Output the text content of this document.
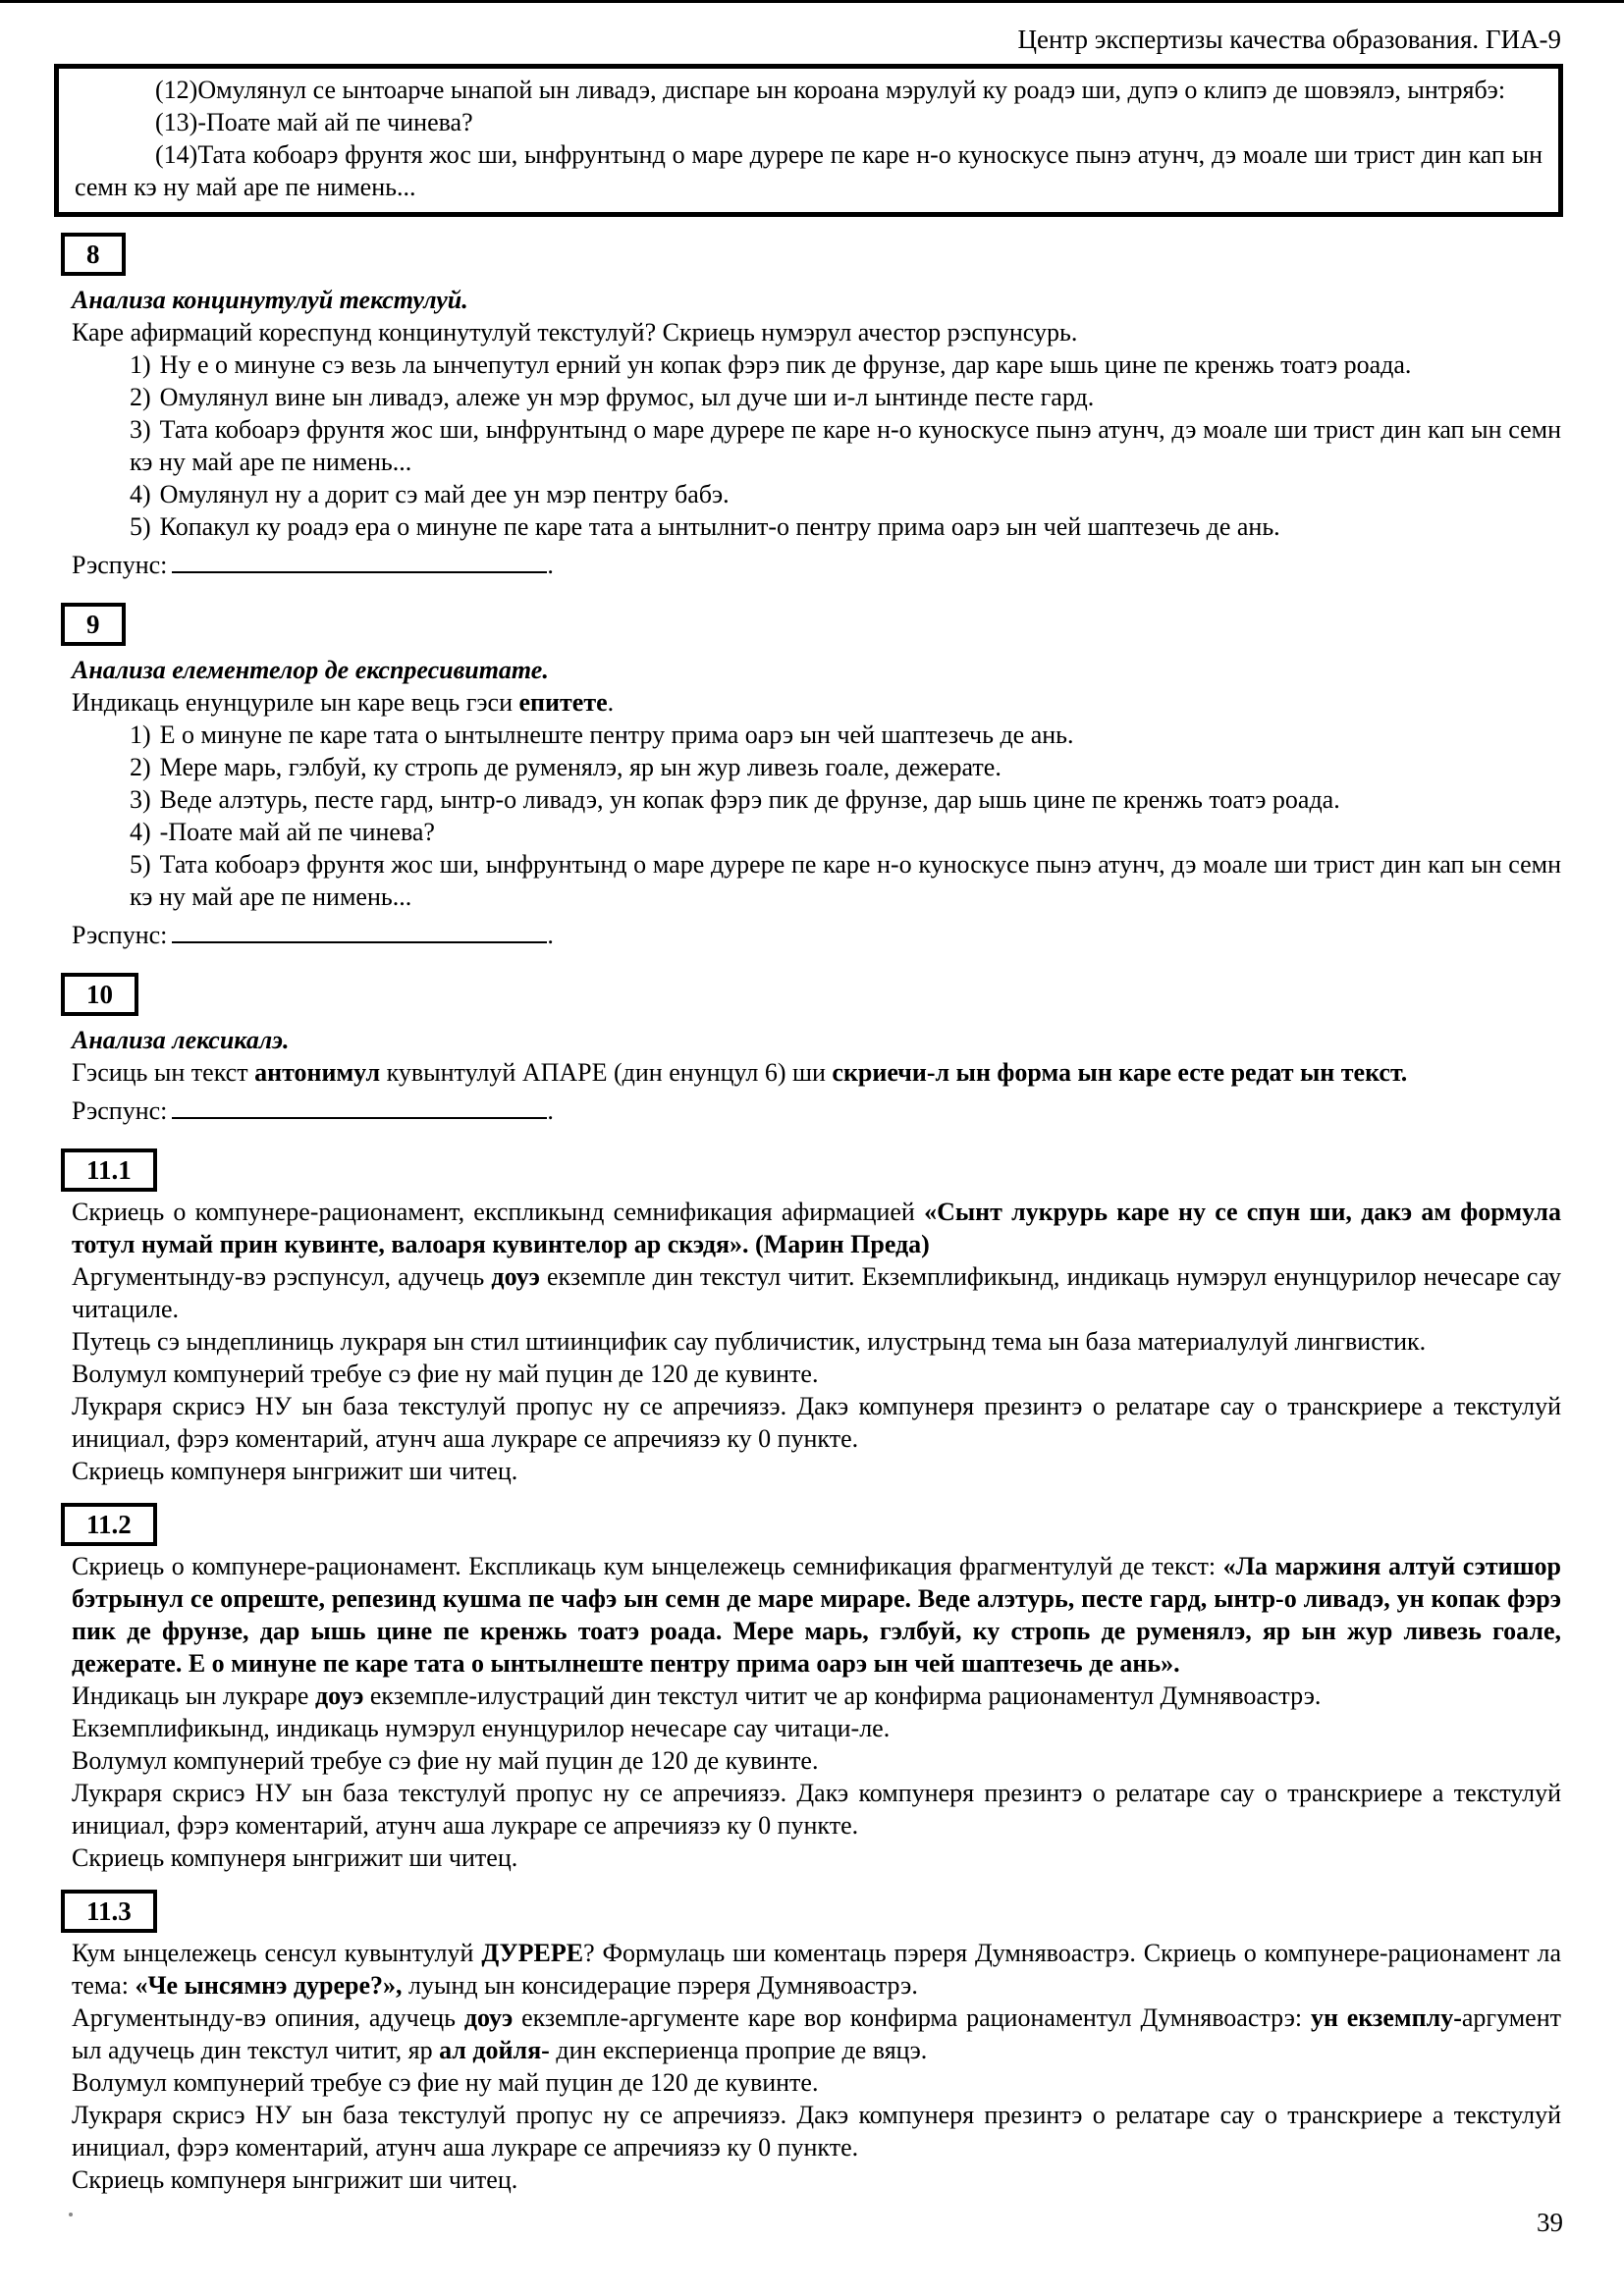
Центр экспертизы качества образования. ГИА-9

(12)Омулянул се ынтоарче ынапой ын ливадэ, диспаре ын короана мэрулуй ку роадэ ши, дупэ о клипэ де шовэялэ, ынтрябэ:

(13)-Поате май ай пе чинева?

(14)Тата кобоарэ фрунтя жос ши, ынфрунтынд о маре дурере пе каре н-о куноскусе пынэ атунч, дэ моале ши трист дин кап ын семн кэ ну май аре пе нимень...

8

Анализа концинутулуй текстулуй.

Каре афирмаций кореспунд концинутулуй текстулуй? Скриець нумэрул ачестор рэспунсурь.

1) Ну е о минуне сэ везь ла ынчепутул ерний ун копак фэрэ пик де фрунзе, дар каре ышь цине пе кренжь тоатэ роада.

2) Омулянул вине ын ливадэ, алеже ун мэр фрумос, ыл дуче ши и-л ынтинде песте гард.

3) Тата кобоарэ фрунтя жос ши, ынфрунтынд о маре дурере пе каре н-о куноскусе пынэ атунч, дэ моале ши трист дин кап ын семн кэ ну май аре пе нимень...

4) Омулянул ну а дорит сэ май дее ун мэр пентру бабэ.

5) Копакул ку роадэ ера о минуне пе каре тата а ынтылнит-о пентру прима оарэ ын чей шаптезечь де ань.

Рэспунс:	.

9

Анализа елементелор де експресивитате.

Индикаць енунцуриле ын каре вець гэси епитете.

1) Е о минуне пе каре тата о ынтылнеште пентру прима оарэ ын чей шаптезечь де ань.

2) Мере марь, гэлбуй, ку стропь де руменялэ, яр ын жур ливезь гоале, дежерате.

3) Веде алэтурь, песте гард, ынтр-о ливадэ, ун копак фэрэ пик де фрунзе, дар ышь цине пе кренжь тоатэ роада.

4) -Поате май ай пе чинева?

5) Тата кобоарэ фрунтя жос ши, ынфрунтынд о маре дурере пе каре н-о куноскусе пынэ атунч, дэ моале ши трист дин кап ын семн кэ ну май аре пе нимень...

Рэспунс:	.

10

Анализа лексикалэ.

Гэсиць ын текст антонимул кувынтулуй АПАРЕ (дин енунцул 6) ши скриечи-л ын форма ын каре есте редат ын текст.

Рэспунс:	.

11.1

Скриець о компунере-рационамент, експликынд семнификация афирмацией «Сынт лукрурь каре ну се спун ши, дакэ ам формула тотул нумай прин кувинте, валоаря кувинтелор ар скэдя». (Марин Преда)

Аргументынду-вэ рэспунсул, адучець доуэ екземпле дин текстул читит. Екземплификынд, индикаць нумэрул енунцурилор нечесаре сау читациле.

Путець сэ ындеплиниць лукраря ын стил штиинцифик сау публичистик, илустрынд тема ын база материалулуй лингвистик.

Волумул компунерий требуе сэ фие ну май пуцин де 120 де кувинте.

Лукраря скрисэ НУ ын база текстулуй пропус ну се апречиязэ. Дакэ компунеря презинтэ о релатаре сау о транскриере а текстулуй инициал, фэрэ коментарий, атунч аша лукраре се апречиязэ ку 0 пункте.

Скриець компунеря ынгрижит ши читец.

11.2

Скриець о компунере-рационамент. Експликаць кум ынцележець семнификация фрагментулуй де текст: «Ла маржиня алтуй сэтишор бэтрынул се опреште, репезинд кушма пе чафэ ын семн де маре мираре. Веде алэтурь, песте гард, ынтр-о ливадэ, ун копак фэрэ пик де фрунзе, дар ышь цине пе кренжь тоатэ роада. Мере марь, гэлбуй, ку стропь де руменялэ, яр ын жур ливезь гоале, дежерате. Е о минуне пе каре тата о ынтылнеште пентру прима оарэ ын чей шаптезечь де ань».

Индикаць ын лукраре доуэ екземпле-илустраций дин текстул читит че ар конфирма рационаментул Думнявоастрэ.

Екземплификынд, индикаць нумэрул енунцурилор нечесаре сау читаци-ле.

Волумул компунерий требуе сэ фие ну май пуцин де 120 де кувинте.

Лукраря скрисэ НУ ын база текстулуй пропус ну се апречиязэ. Дакэ компунеря презинтэ о релатаре сау о транскриере а текстулуй инициал, фэрэ коментарий, атунч аша лукраре се апречиязэ ку 0 пункте.

Скриець компунеря ынгрижит ши читец.

11.3

Кум ынцележець сенсул кувынтулуй ДУРЕРЕ? Формулаць ши коментаць пэреря Думнявоастрэ. Скриець о компунере-рационамент ла тема: «Че ынсямнэ дурере?», луынд ын консидерацие пэреря Думнявоастрэ.

Аргументынду-вэ опиния, адучець доуэ екземпле-аргументе каре вор конфирма рационаментул Думнявоастрэ: ун екземплу-аргумент ыл адучець дин текстул читит, яр ал дойля- дин експериенца проприе де вяцэ.

Волумул компунерий требуе сэ фие ну май пуцин де 120 де кувинте.

Лукраря скрисэ НУ ын база текстулуй пропус ну се апречиязэ. Дакэ компунеря презинтэ о релатаре сау о транскриере а текстулуй инициал, фэрэ коментарий, атунч аша лукраре се апречиязэ ку 0 пункте.

Скриець компунеря ынгрижит ши читец.

39
